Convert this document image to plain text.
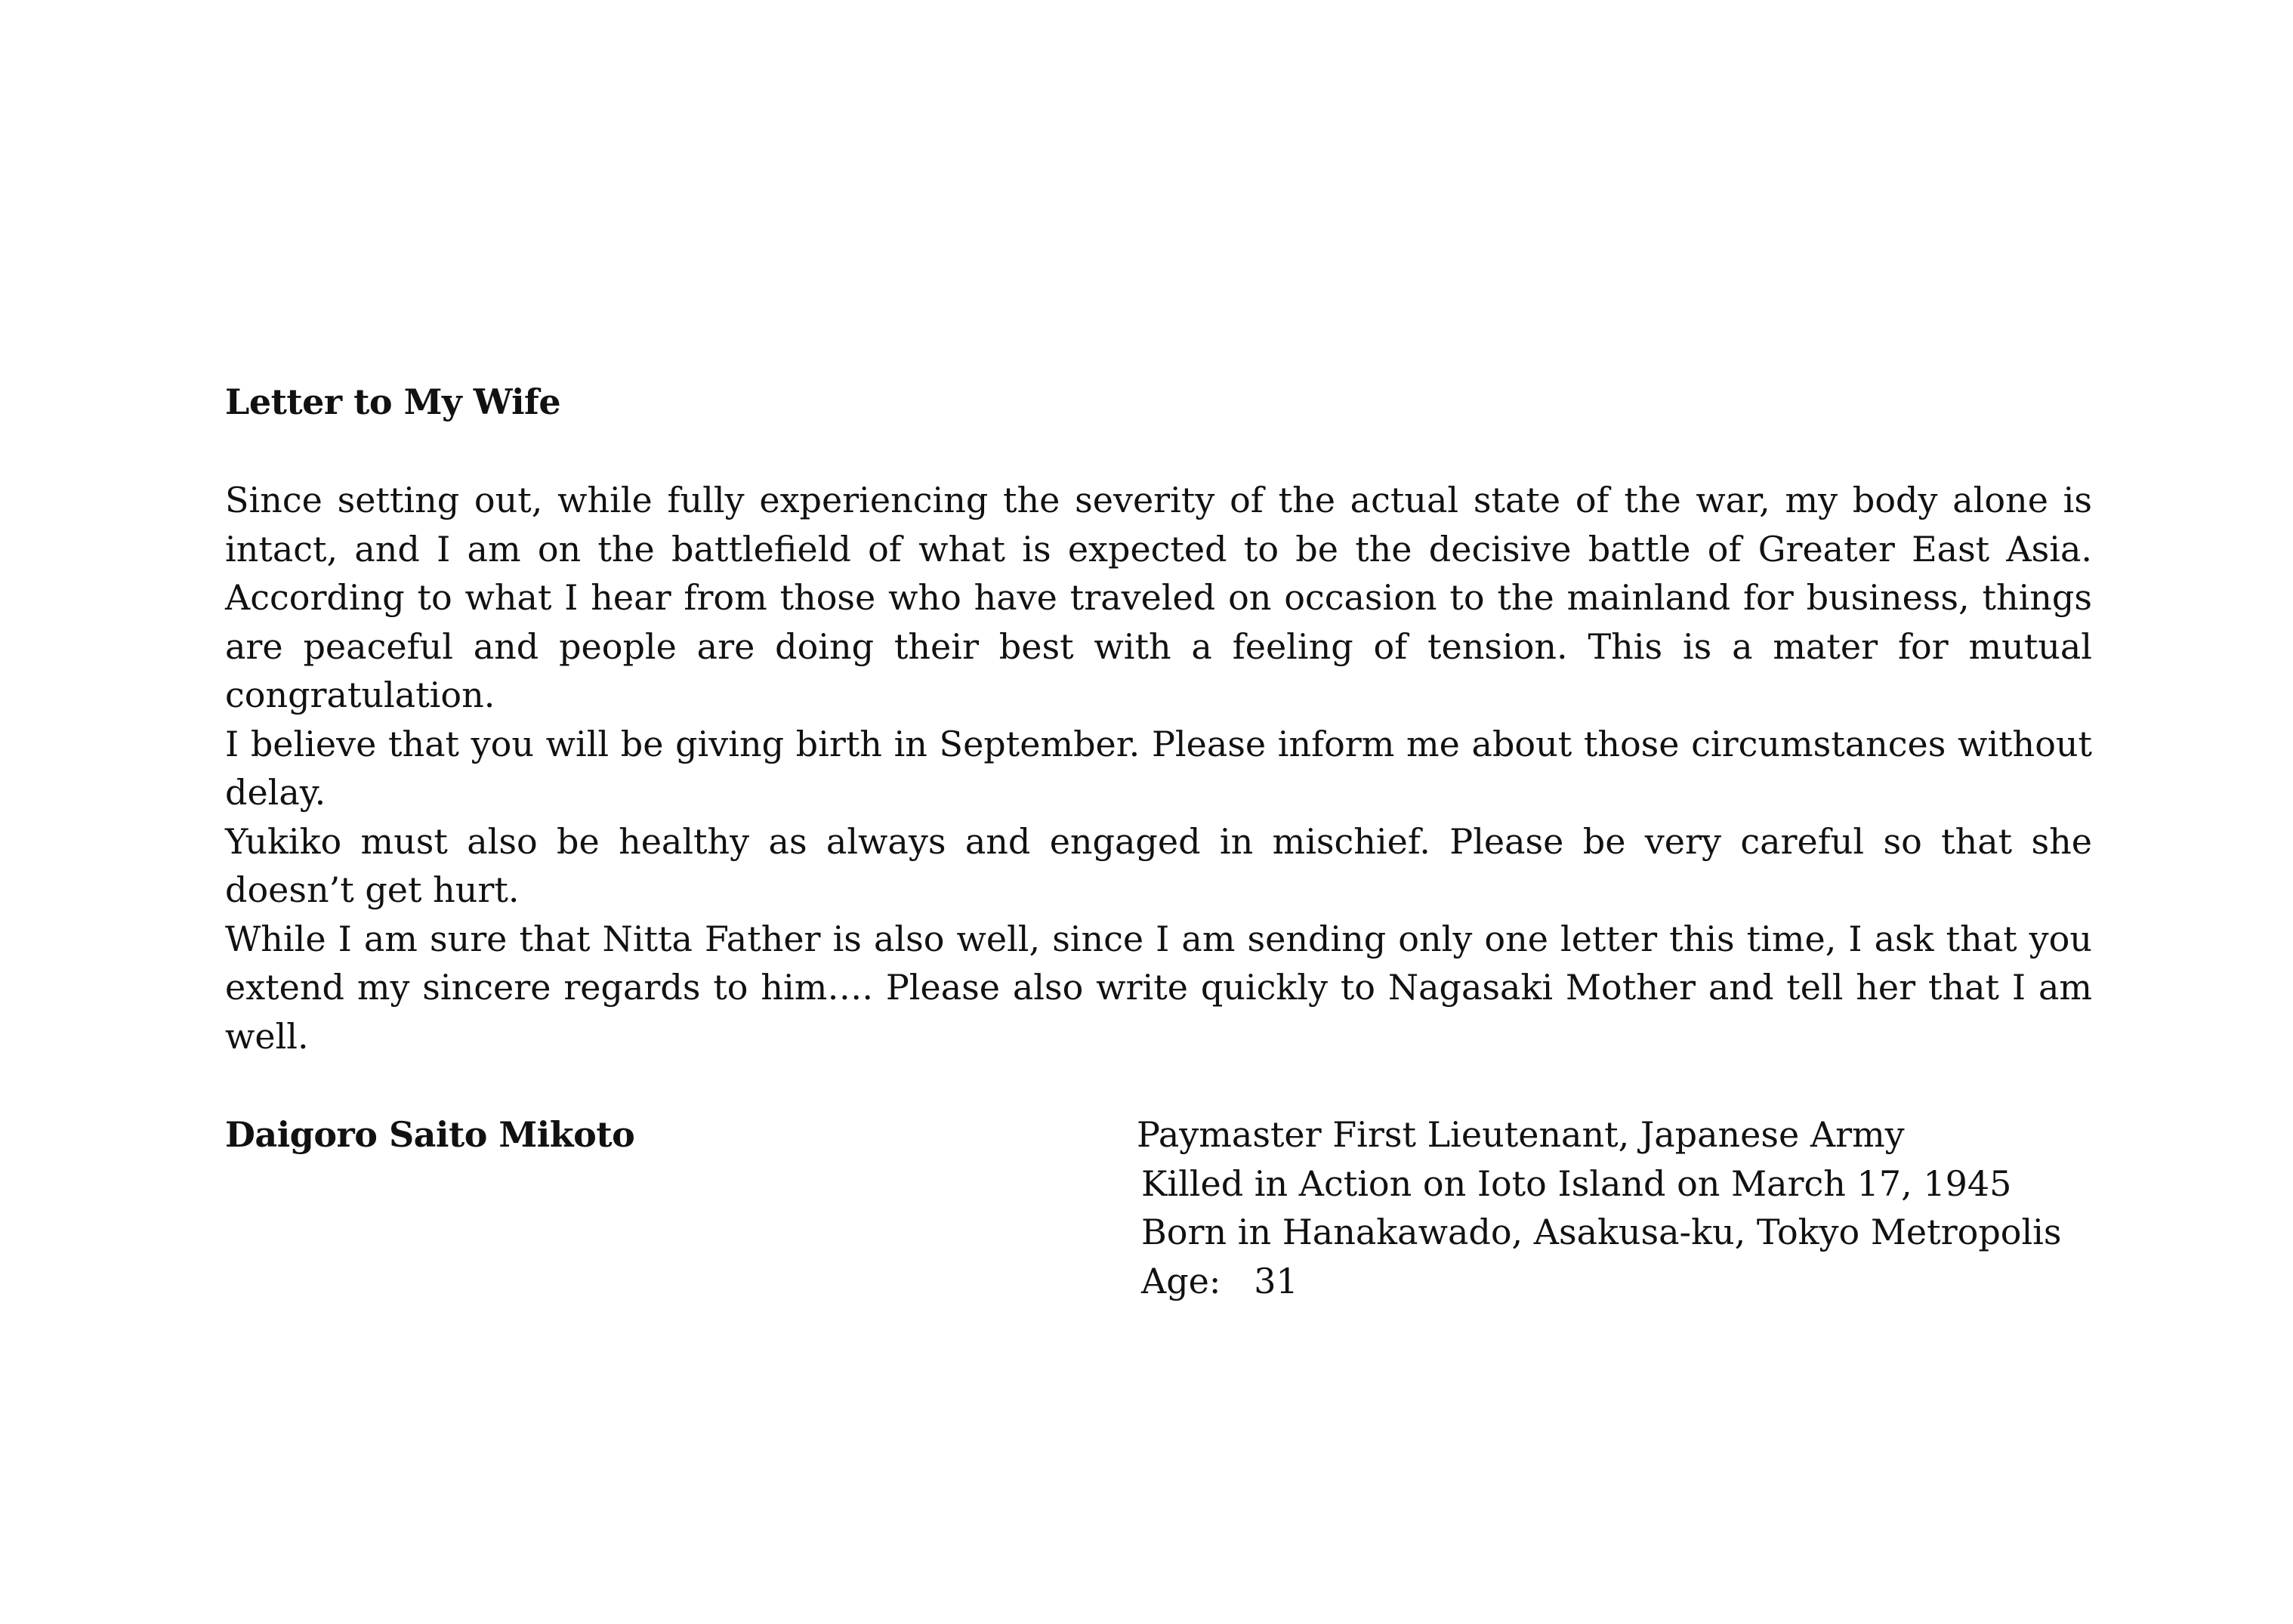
Letter to My Wife

Since setting out, while fully experiencing the severity of the actual state of the war, my body alone is intact, and I am on the battlefield of what is expected to be the decisive battle of Greater East Asia. According to what I hear from those who have traveled on occasion to the mainland for business, things are peaceful and people are doing their best with a feeling of tension. This is a mater for mutual congratulation.

I believe that you will be giving birth in September. Please inform me about those circumstances without delay.

Yukiko must also be healthy as always and engaged in mischief. Please be very careful so that she doesn’t get hurt.

While I am sure that Nitta Father is also well, since I am sending only one letter this time, I ask that you extend my sincere regards to him…. Please also write quickly to Nagasaki Mother and tell her that I am well.

Daigoro Saito Mikoto	Paymaster First Lieutenant, Japanese Army
Killed in Action on Ioto Island on March 17, 1945
Born in Hanakawado, Asakusa-ku, Tokyo Metropolis
Age:   31
